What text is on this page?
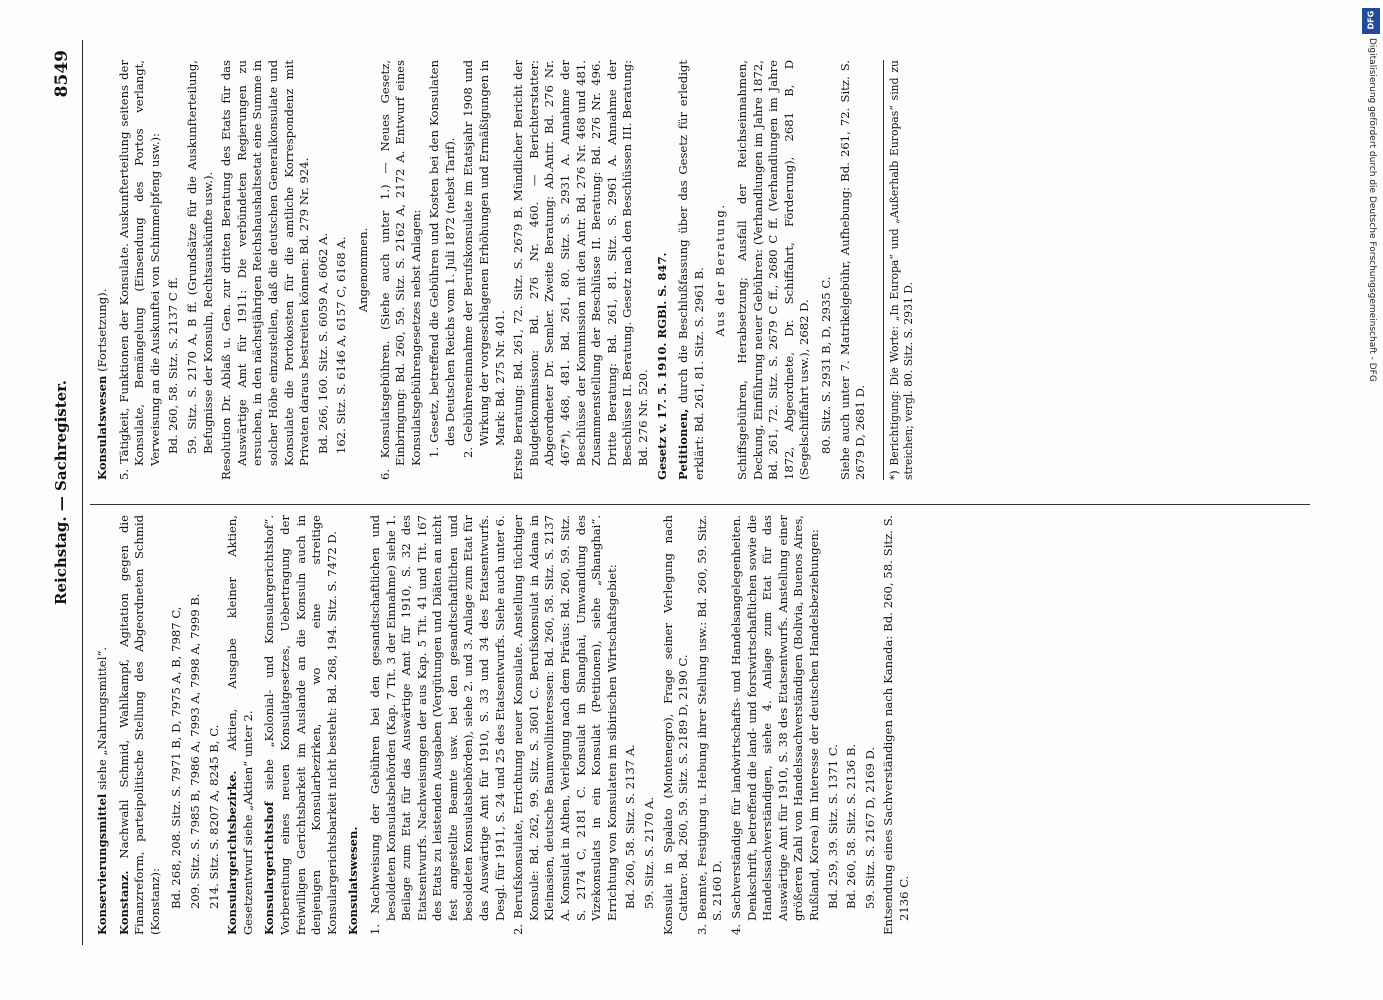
Reichstag. — Sachregister.
8549

Konservierungsmittel siehe „Nahrungsmittel“.

Konstanz. Nachwahl Schmid, Wahlkampf, Agitation gegen die Finanzreform, parteipolitische Stellung des Abgeordneten Schmid (Konstanz): Bd. 268, 208. Sitz. S. 7971 B, D, 7975 A, B, 7987 C, 209. Sitz. S. 7985 B, 7986 A, 7993 A, 7998 A, 7999 B. 214. Sitz. S. 8207 A, 8245 B, C. Konsulargerichtsbezirke. Aktien, Ausgabe kleiner Aktien, Gesetzentwurf siehe „Aktien“ unter 2. Konsulargerichtshof siehe „Kolonial- und Konsulargerichtshof“. Vorbereitung eines neuen Konsulatgesetzes, Uebertragung der freiwilligen Gerichtsbarkeit im Auslande an die Konsuln auch in denjenigen Konsularbezirken, wo eine streitige Konsulargerichtsbarkeit nicht besteht: Bd. 268, 194. Sitz. S. 7472 D. Konsulatswesen. 1. Nachweisung der Gebühren bei den gesandtschaftlichen und besoldeten Konsulatsbehörden (Kap. 7 Tit. 3 der Einnahme) siehe 1. Beilage zum Etat für das Auswärtige Amt für 1910, S. 32 des Etatsentwurfs. Nachweisungen der aus Kap. 5 Tit. 41 und Tit. 167 des Etats zu leistenden Ausgaben (Vergütungen und Diäten an nicht fest angestellte Beamte usw. bei den gesandtschaftlichen und besoldeten Konsulatsbehörden), siehe 2. und 3. Anlage zum Etat für das Auswärtige Amt für 1910, S. 33 und 34 des Etatsentwurfs. Desgl. für 1911, S. 24 und 25 des Etatsentwurfs. Siehe auch unter 6. 2. Berufskonsulate, Errichtung neuer Konsulate. Anstellung tüchtiger Konsule: Bd. 262, 99. Sitz. S. 3601 C. Berufskonsulat in Adana in Kleinasien, deutsche Baumwollinteressen: Bd. 260, 58. Sitz. S. 2137 A. Konsulat in Athen, Verlegung nach dem Piräus: Bd. 260, 59. Sitz. S. 2174 C, 2181 C. Konsulat in Shanghai, Umwandlung des Vizekonsulats in ein Konsulat (Petitionen), siehe „Shanghai“. Errichtung von Konsulaten im sibirischen Wirtschaftsgebiet: Bd. 260, 58. Sitz. S. 2137 A. 59. Sitz. S. 2170 A. Konsulat in Spalato (Montenegro), Frage seiner Verlegung nach Cattaro: Bd. 260, 59. Sitz. S. 2189 D, 2190 C. 3. Beamte, Festigung u. Hebung ihrer Stellung usw.: Bd. 260, 59. Sitz. S. 2160 D. 4. Sachverständige für landwirtschafts- und Handelsangelegenheiten. Denkschrift, betreffend die land- und forstwirtschaftlichen sowie die Handelssachverständigen, siehe 4. Anlage zum Etat für das Auswärtige Amt für 1910, S. 38 des Etatsentwurfs. Anstellung einer größeren Zahl von Handelssachverständigen (Bolivia, Buenos Aires, Rußland, Korea) im Interesse der deutschen Handelsbeziehungen: Bd. 259, 39. Sitz. S. 1371 C. Bd. 260, 58. Sitz. S. 2136 B. 59. Sitz. S. 2167 D, 2169 D. Entsendung eines Sachverständigen nach Kanada: Bd. 260, 58. Sitz. S. 2136 C.

Konsulatswesen (Fortsetzung). 5. Tätigkeit, Funktionen der Konsulate. Auskunfterteilung seitens der Konsulate, Bemängelung (Einsendung des Portos verlangt, Verweisung an die Auskunftei von Schimmelpfeng usw.): Bd. 260, 58. Sitz. S. 2137 C ff. 59. Sitz. S. 2170 A, B ff. (Grundsätze für die Auskunfterteilung, Befugnisse der Konsuln, Rechtsauskünfte usw.). Resolution Dr. Ablaß u. Gen. zur dritten Beratung des Etats für das Auswärtige Amt für 1911: Die verbündeten Regierungen zu ersuchen, in den nächstjährigen Reichshaushaltsetat eine Summe in solcher Höhe einzustellen, daß die deutschen Generalkonsulate und Konsulate die Portokosten für die amtliche Korrespondenz mit Privaten daraus bestreiten können: Bd. 279 Nr. 924. Bd. 266, 160. Sitz. S. 6059 A, 6062 A. 162. Sitz. S. 6146 A, 6157 C, 6168 A. Angenommen. 6. Konsulatsgebühren. (Siehe auch unter 1.) — Neues Gesetz, Einbringung: Bd. 260, 59. Sitz. S. 2162 A, 2172 A. Entwurf eines Konsulatsgebührengesetzes nebst Anlagen: 1. Gesetz, betreffend die Gebühren und Kosten bei den Konsulaten des Deutschen Reichs vom 1. Juli 1872 (nebst Tarif). 2. Gebühreneinnahme der Berufskonsulate im Etatsjahr 1908 und Wirkung der vorgeschlagenen Erhöhungen und Ermäßigungen in Mark: Bd. 275 Nr. 401. Erste Beratung: Bd. 261, 72. Sitz. S. 2679 B. Mündlicher Bericht der Budgetkommission: Bd. 276 Nr. 460. — Berichterstatter: Abgeordneter Dr. Semler. Zweite Beratung: Ab.Antr. Bd. 276 Nr. 467*), 468, 481. Bd. 261, 80. Sitz. S. 2931 A. Annahme der Beschlüsse der Kommission mit den Antr. Bd. 276 Nr. 468 und 481. Zusammenstellung der Beschlüsse II. Beratung: Bd. 276 Nr. 496. Dritte Beratung: Bd. 261, 81. Sitz. S. 2961 A. Annahme der Beschlüsse II. Beratung. Gesetz nach den Beschlüssen III. Beratung: Bd. 276 Nr. 520. Gesetz v. 17. 5. 1910. RGBl. S. 847. Petitionen, durch die Beschlußfassung über das Gesetz für erledigt erklärt: Bd. 261, 81. Sitz. S. 2961 B. Aus der Beratung. Schiffsgebühren, Herabsetzung; Ausfall der Reichseinnahmen, Deckung, Einführung neuer Gebühren: (Verhandlungen im Jahre 1872, Bd. 261, 72. Sitz. S. 2679 C ff., 2680 C ff. (Verhandlungen im Jahre 1872, Abgeordnete, Dr. Schiffahrt, Förderung), 2681 B, D (Segelschiffahrt usw.), 2682 D. 80. Sitz. S. 2931 B, D, 2935 C. Siehe auch unter 7. Matrikelgebühr, Aufhebung: Bd. 261, 72. Sitz. S. 2679 D, 2681 D.	*) Berichtigung: Die Worte: „In Europa“ und „Außerhalb Europas“ sind zu streichen; vergl. 80. Sitz. S. 2931 D.
DFG
Digitalisierung gefördert durch die Deutsche Forschungsgemeinschaft - DFG
